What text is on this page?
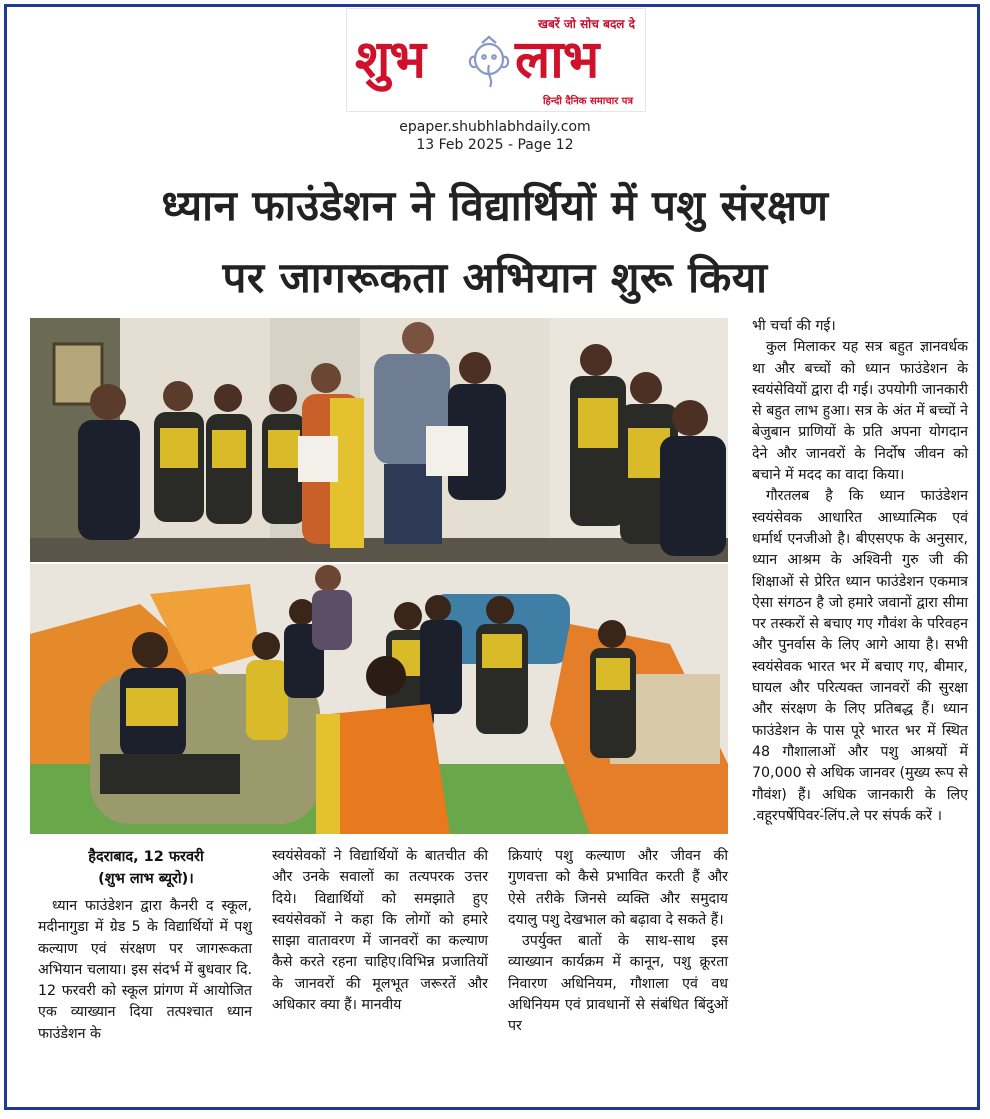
खबरें जो सोच बदल दे
शुभ लाभ
हिन्दी दैनिक समाचार पत्र
epaper.shubhlabhdaily.com
13 Feb 2025 - Page 12
ध्यान फाउंडेशन ने विद्यार्थियों में पशु संरक्षण
पर जागरूकता अभियान शुरू किया
हैदराबाद, 12 फरवरी
(शुभ लाभ ब्यूरो)।

ध्यान फाउंडेशन द्वारा कैनरी द स्कूल, मदीनागुडा में ग्रेड 5 के विद्यार्थियों में पशु कल्याण एवं संरक्षण पर जागरूकता अभियान चलाया। इस संदर्भ में बुधवार दि. 12 फरवरी को स्कूल प्रांगण में आयोजित एक व्याख्यान दिया तत्पश्चात ध्यान फाउंडेशन के

स्वयंसेवकों ने विद्यार्थियों के बातचीत की और उनके सवालों का तत्यपरक उत्तर दिये। विद्यार्थियों को समझाते हुए स्वयंसेवकों ने कहा कि लोगों को हमारे साझा वातावरण में जानवरों का कल्याण कैसे करते रहना चाहिए।विभिन्न प्रजातियों के जानवरों की मूलभूत जरूरतें और अधिकार क्या हैं। मानवीय

क्रियाएं पशु कल्याण और जीवन की गुणवत्ता को कैसे प्रभावित करती हैं और ऐसे तरीके जिनसे व्यक्ति और समुदाय दयालु पशु देखभाल को बढ़ावा दे सकते हैं।

उपर्युक्त बातों के साथ-साथ इस व्याख्यान कार्यक्रम में कानून, पशु क्रूरता निवारण अधिनियम, गौशाला एवं वध अधिनियम एवं प्रावधानों से संबंधित बिंदुओं पर

भी चर्चा की गई।

कुल मिलाकर यह सत्र बहुत ज्ञानवर्धक था और बच्चों को ध्यान फाउंडेशन के स्वयंसेवियों द्वारा दी गई। उपयोगी जानकारी से बहुत लाभ हुआ। सत्र के अंत में बच्चों ने बेजुबान प्राणियों के प्रति अपना योगदान देने और जानवरों के निर्दोष जीवन को बचाने में मदद का वादा किया।

गौरतलब है कि ध्यान फाउंडेशन स्वयंसेवक आधारित आध्यात्मिक एवं धर्मार्थ एनजीओ है। बीएसएफ के अनुसार, ध्यान आश्रम के अश्विनी गुरु जी की शिक्षाओं से प्रेरित ध्यान फाउंडेशन एकमात्र ऐसा संगठन है जो हमारे जवानों द्वारा सीमा पर तस्करों से बचाए गए गौवंश के परिवहन और पुनर्वास के लिए आगे आया है। सभी स्वयंसेवक भारत भर में बचाए गए, बीमार, घायल और परित्यक्त जानवरों की सुरक्षा और संरक्षण के लिए प्रतिबद्ध हैं। ध्यान फाउंडेशन के पास पूरे भारत भर में स्थित 48 गौशालाओं और पशु आश्रयों में 70,000 से अधिक जानवर (मुख्य रूप से गौवंश) हैं। अधिक जानकारी के लिए .वहूरपर्षेपिवर-ंलिंप.ले पर संपर्क करें ।
